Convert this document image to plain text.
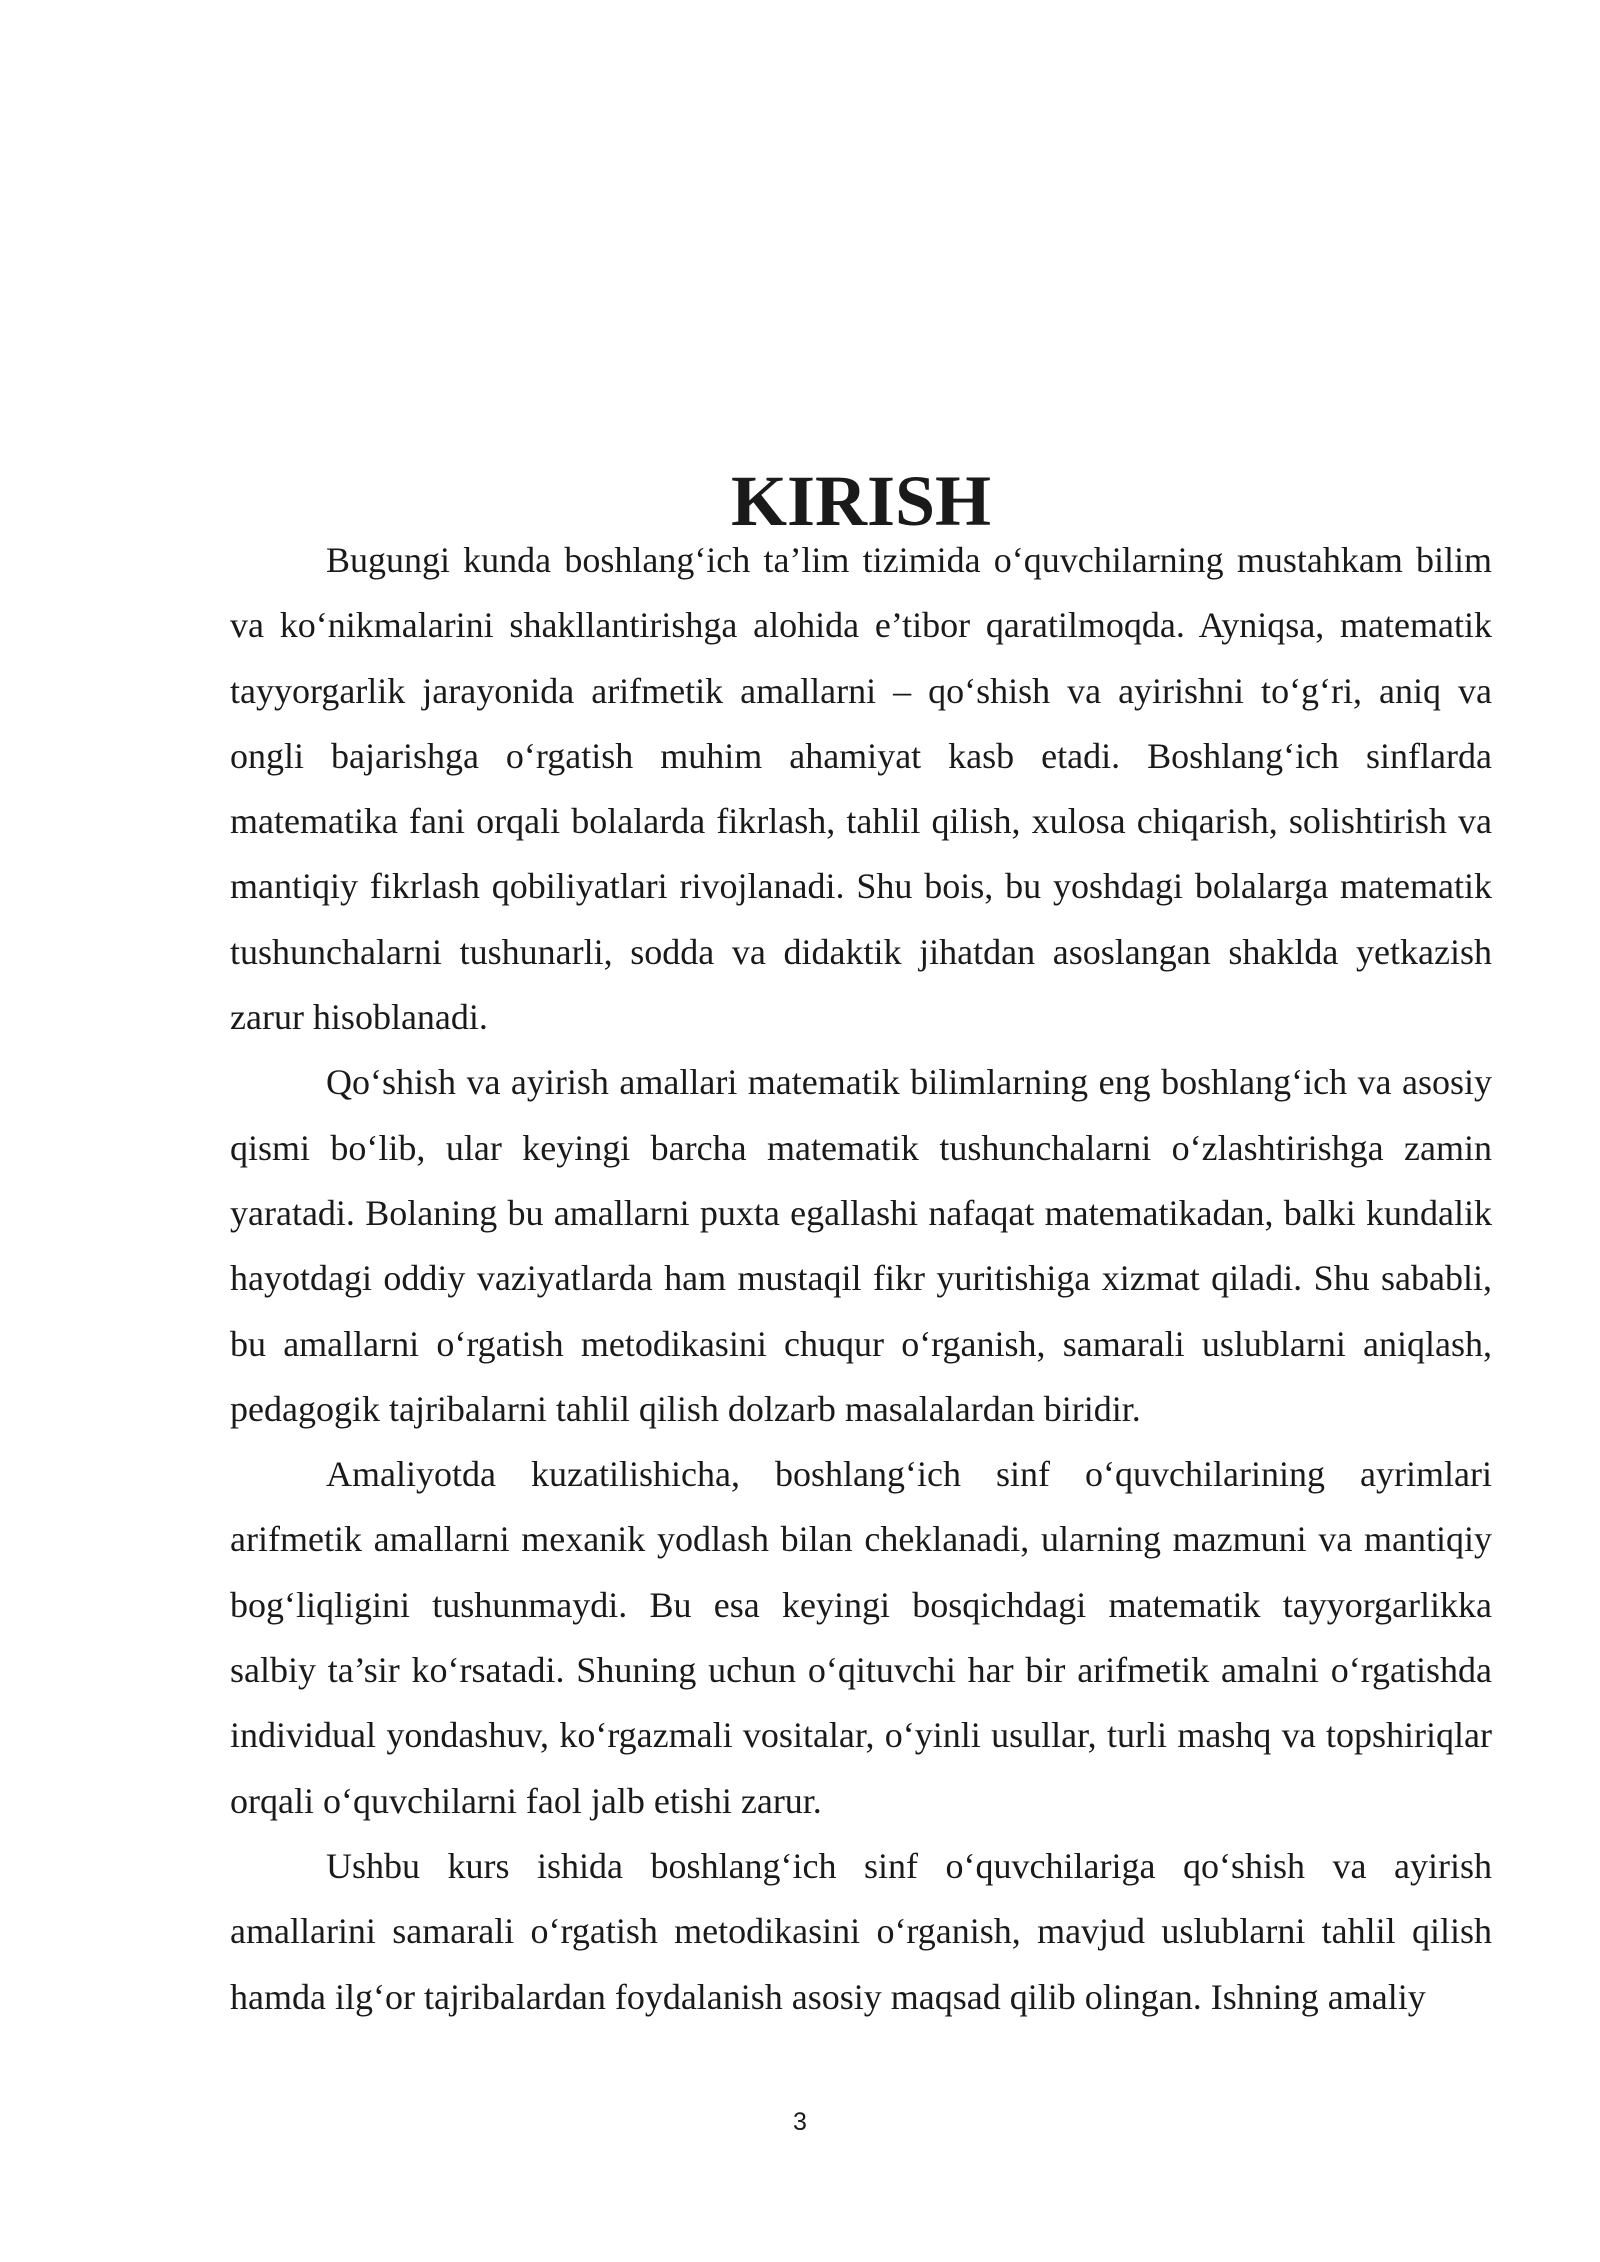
KIRISH

Bugungi kunda boshlang‘ich ta’lim tizimida o‘quvchilarning mustahkam bilim va ko‘nikmalarini shakllantirishga alohida e’tibor qaratilmoqda. Ayniqsa, matematik tayyorgarlik jarayonida arifmetik amallarni – qo‘shish va ayirishni to‘g‘ri, aniq va ongli bajarishga o‘rgatish muhim ahamiyat kasb etadi. Boshlang‘ich sinflarda matematika fani orqali bolalarda fikrlash, tahlil qilish, xulosa chiqarish, solishtirish va mantiqiy fikrlash qobiliyatlari rivojlanadi. Shu bois, bu yoshdagi bolalarga matematik tushunchalarni tushunarli, sodda va didaktik jihatdan asoslangan shaklda yetkazish zarur hisoblanadi.

Qo‘shish va ayirish amallari matematik bilimlarning eng boshlang‘ich va asosiy qismi bo‘lib, ular keyingi barcha matematik tushunchalarni o‘zlashtirishga zamin yaratadi. Bolaning bu amallarni puxta egallashi nafaqat matematikadan, balki kundalik hayotdagi oddiy vaziyatlarda ham mustaqil fikr yuritishiga xizmat qiladi. Shu sababli, bu amallarni o‘rgatish metodikasini chuqur o‘rganish, samarali uslublarni aniqlash, pedagogik tajribalarni tahlil qilish dolzarb masalalardan biridir.

Amaliyotda kuzatilishicha, boshlang‘ich sinf o‘quvchilarining ayrimlari arifmetik amallarni mexanik yodlash bilan cheklanadi, ularning mazmuni va mantiqiy bog‘liqligini tushunmaydi. Bu esa keyingi bosqichdagi matematik tayyorgarlikka salbiy ta’sir ko‘rsatadi. Shuning uchun o‘qituvchi har bir arifmetik amalni o‘rgatishda individual yondashuv, ko‘rgazmali vositalar, o‘yinli usullar, turli mashq va topshiriqlar orqali o‘quvchilarni faol jalb etishi zarur.

Ushbu kurs ishida boshlang‘ich sinf o‘quvchilariga qo‘shish va ayirish amallarini samarali o‘rgatish metodikasini o‘rganish, mavjud uslublarni tahlil qilish hamda ilg‘or tajribalardan foydalanish asosiy maqsad qilib olingan. Ishning amaliy

3
